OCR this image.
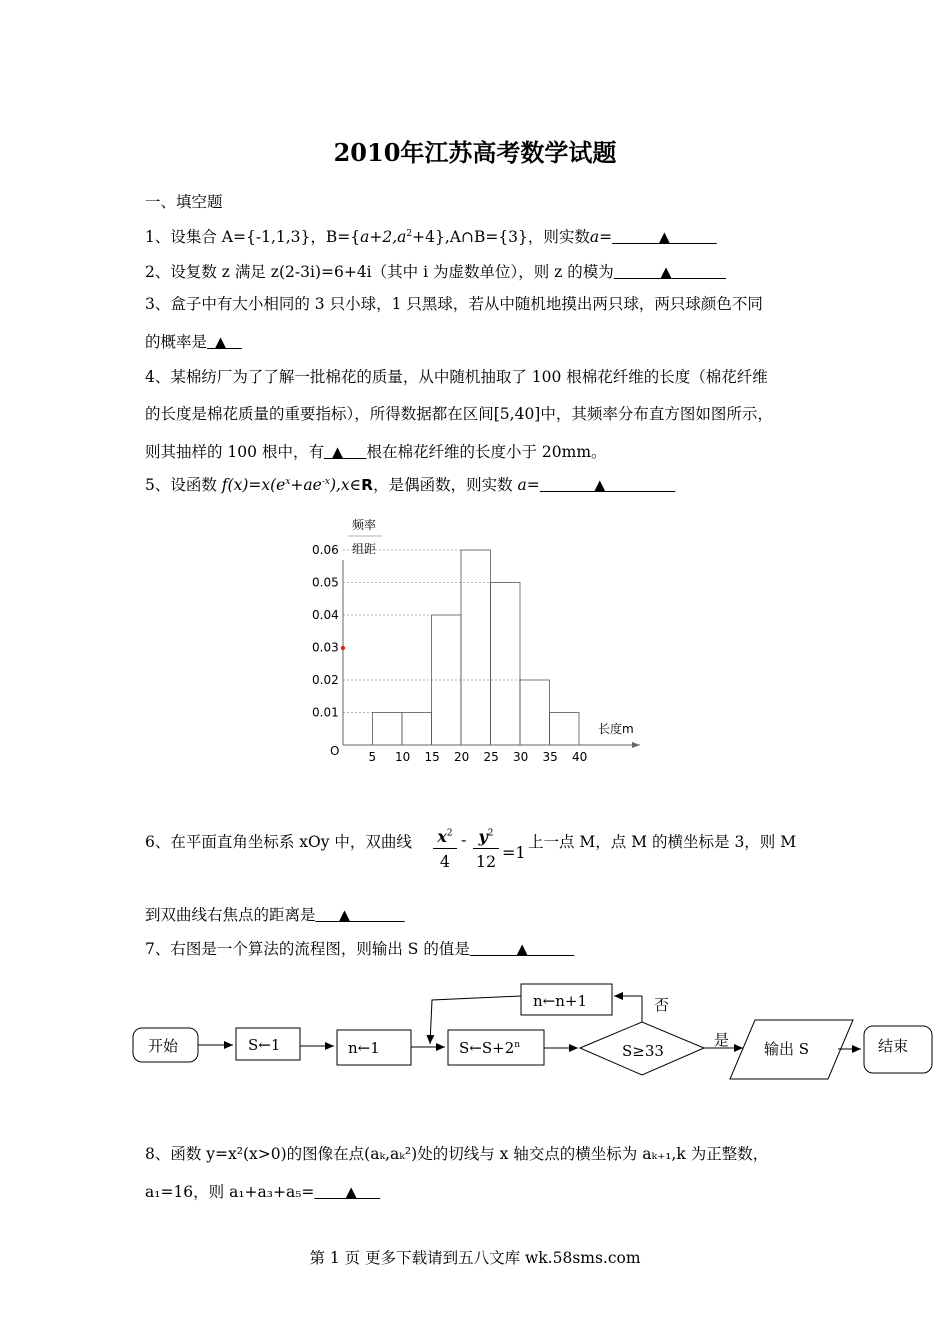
2010年江苏高考数学试题
一、填空题
1、设集合 A={-1,1,3}，$B=\{a+2,a^2+4\},A\cap B=\{3\}$，则实数a=      	▲      
2、设复数 z 满足 z(2-3i)=6+4i（其中 i 为虚数单位），则 z 的模为      	▲       
3、盒子中有大小相同的 3 只小球，1 只黑球，若从中随机地摸出两只球，两只球颜色不同
的概率是  ▲  
4、某棉纺厂为了了解一批棉花的质量，从中随机抽取了 100 根棉花纤维的长度（棉花纤维
的长度是棉花质量的重要指标），所得数据都在区间[5,40]中，其频率分布直方图如图所示，
则其抽样的 100 根中，有  ▲    根在棉花纤维的长度小于 20mm。
5、设函数 $f(x)=x(e^x+ae^{-x}),x\in R$，是偶函数，则实数 a=       	▲         
频率
组距
0.01
0.02
0.03
0.04
0.05
0.06
5 10 15 20 25 30 35 40
O
长度m
6、在平面直角坐标系 xOy 中，双曲线 $\frac{x^2}{4} - \frac{y^2}{12} =1$
上一点 M，点 M 的横坐标是 3，则 M
到双曲线右焦点的距离是    ▲       
7、右图是一个算法的流程图，则输出 S 的值是      	▲      
开始	S←1	n←1	$S\leftarrow S+2^n$	S≥33
是 输出 S	结束
否
n←n+1
8、函数 y=x²(x>0)的图像在点(aₖ,aₖ²)处的切线与 x 轴交点的横坐标为 aₖ₊₁,k 为正整数，
a₁=16，则 a₁+a₃+a₅=     ▲   
第 1 页 更多下载请到五八文库 wk.58sms.com
